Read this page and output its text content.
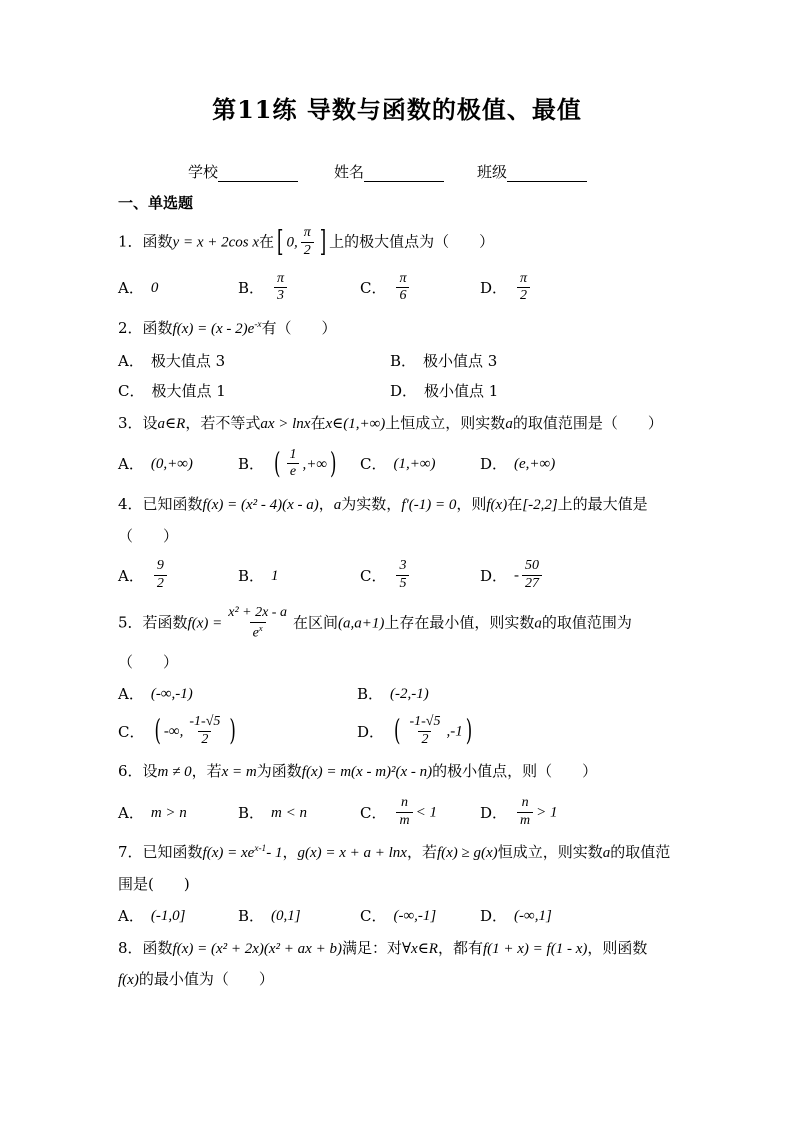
第11练 导数与函数的极值、最值
学校	姓名	班级
一、单选题
1．函数y = x + 2cos x在 [ 0, $\frac{\pi}{2}$ ] 上的极大值点为（　　）
A． 0	B． $\frac{\pi}{3}$	C． $\frac{\pi}{6}$	D． $\frac{\pi}{2}$
2．函数$f(x) = (x - 2)e^{-x}$有（　　）
A． 极大值点 3	B． 极小值点 3
C． 极大值点 1	D． 极小值点 1
3．设a∈R，若不等式ax > lnx在x∈(1,+∞)上恒成立，则实数a的取值范围是（　　）
A． (0,+∞)	B． ( $\frac{1}{e}$ ,+∞ ) C． (1,+∞)	D． (e,+∞)
4．已知函数f(x) = (x² - 4)(x - a)，a为实数，f′(-1) = 0，则f(x)在[-2,2]上的最大值是
（　　）
A． $\frac{9}{2}$	B． 1	C． $\frac{3}{5}$	D． - $\frac{50}{27}$
5．若函数$f(x) = \frac{\text{x² + 2x - a}}{e^x}$ 在区间(a,a+1)上存在最小值，则实数a的取值范围为
（　　）
A． (-∞,-1)	B． (-2,-1)
C． ( -∞, $\frac{-1-√5}{2}$ )	D． ( $\frac{-1-√5}{2} ,-1$ )
6．设m ≠ 0，若x = m为函数f(x) = m(x - m)²(x - n)的极小值点，则（　　）
A． m > n	B． m < n	C． $\frac{n}{m} < 1$	D． $\frac{n}{m} > 1$
7．已知函数$f(x) = xe^{x-1}-$ 1，g(x) = x + a + lnx，若f(x) ≥ g(x)恒成立，则实数a的取值范
围是(　　)
A． (-1,0]	B． (0,1]	C． (-∞,-1]	D． (-∞,1]
8．函数f(x) = (x² + 2x)(x² + ax + b)满足：对∀x∈R，都有f(1 + x) = f(1 - x)，则函数
f(x)的最小值为（　　）
